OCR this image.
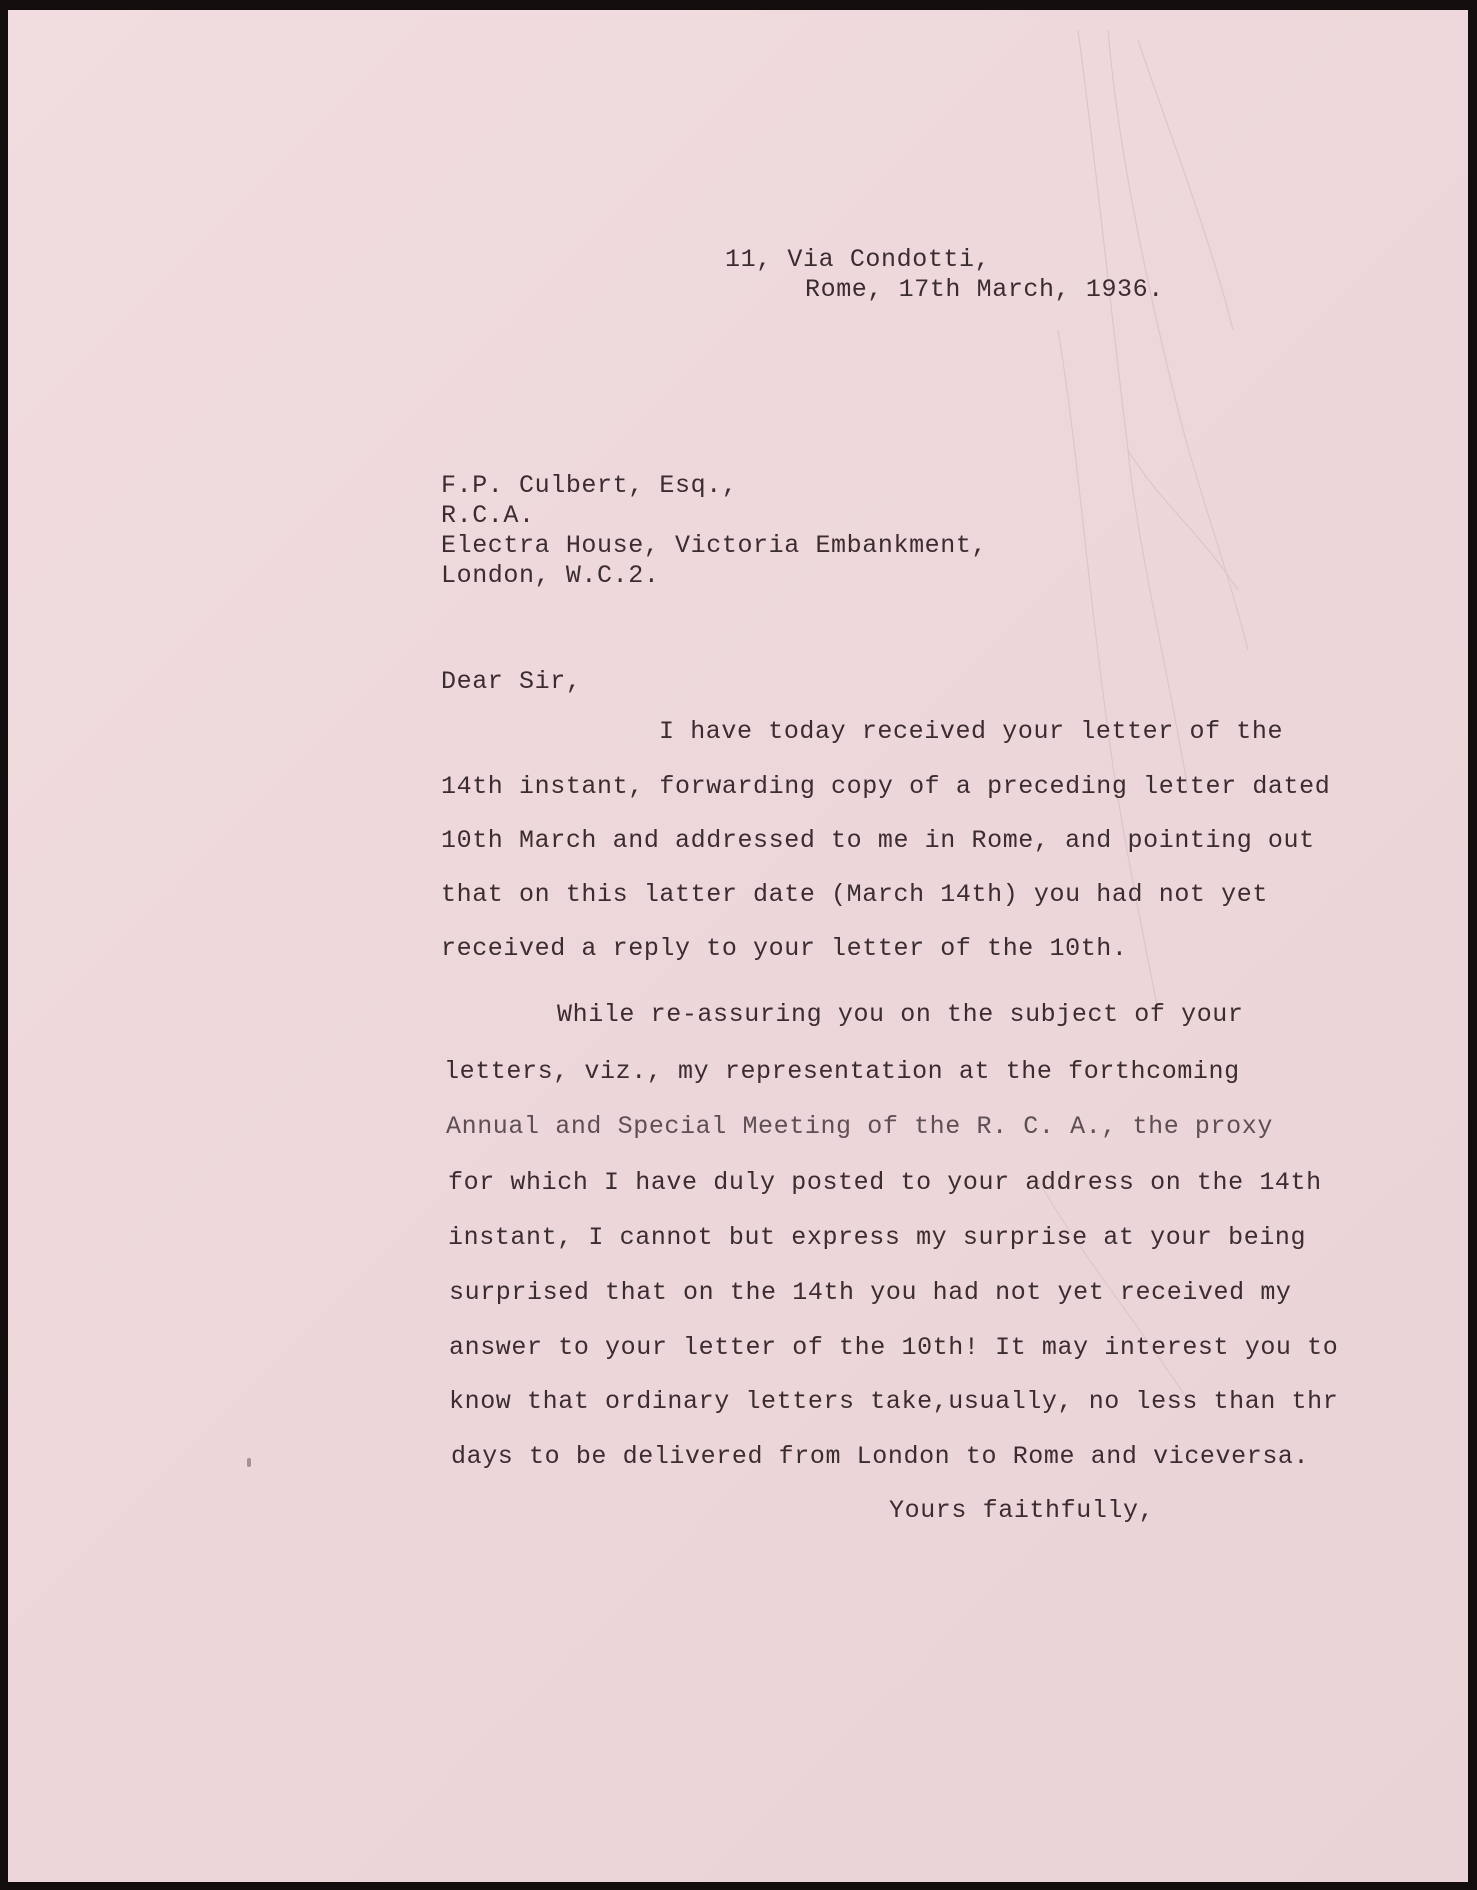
11, Via Condotti,

Rome, 17th March, 1936.

F.P. Culbert, Esq.,

R.C.A.

Electra House, Victoria Embankment,

London, W.C.2.

Dear Sir,

I have today received your letter of the

14th instant, forwarding copy of a preceding letter dated

10th March and addressed to me in Rome, and pointing out

that on this latter date (March 14th) you had not yet

received a reply to your letter of the 10th.

While re-assuring you on the subject of your

letters, viz., my representation at the forthcoming

Annual and Special Meeting of the R. C. A., the proxy

for which I have duly posted to your address on the 14th

instant, I cannot but express my surprise at your being

surprised that on the 14th you had not yet received my

answer to your letter of the 10th! It may interest you to

know that ordinary letters take,usually, no less than thr

days to be delivered from London to Rome and viceversa.

Yours faithfully,
